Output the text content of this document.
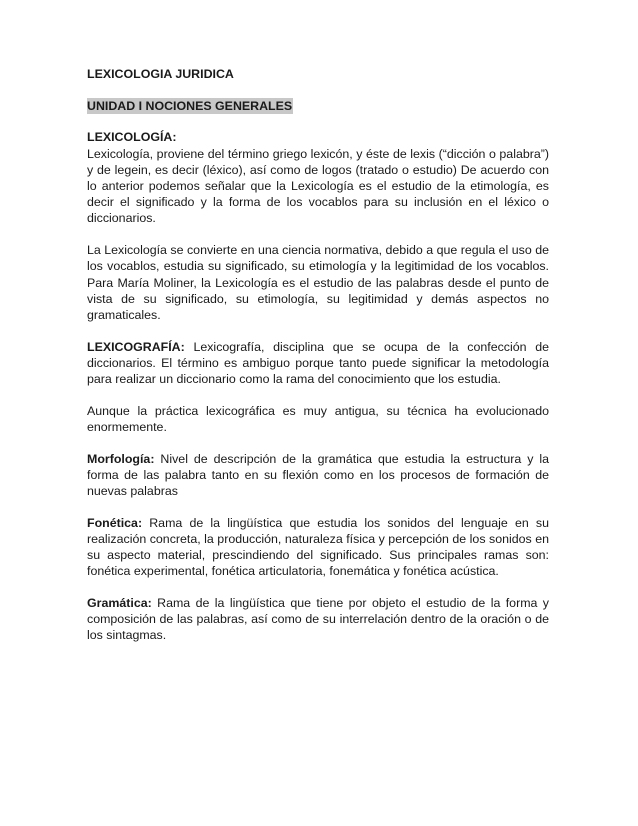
LEXICOLOGIA JURIDICA
UNIDAD I NOCIONES GENERALES
LEXICOLOGÍA:

Lexicología, proviene del término griego lexicón, y éste de lexis (“dicción o palabra”) y de legein, es decir (léxico), así como de logos (tratado o estudio) De acuerdo con lo anterior podemos señalar que la Lexicología es el estudio de la etimología, es decir el significado y la forma de los vocablos para su inclusión en el léxico o diccionarios.

La Lexicología se convierte en una ciencia normativa, debido a que regula el uso de los vocablos, estudia su significado, su etimología y la legitimidad de los vocablos. Para María Moliner, la Lexicología es el estudio de las palabras desde el punto de vista de su significado, su etimología, su legitimidad y demás aspectos no gramaticales.

LEXICOGRAFÍA: Lexicografía, disciplina que se ocupa de la confección de diccionarios. El término es ambiguo porque tanto puede significar la metodología para realizar un diccionario como la rama del conocimiento que los estudia.

Aunque la práctica lexicográfica es muy antigua, su técnica ha evolucionado enormemente.

Morfología: Nivel de descripción de la gramática que estudia la estructura y la forma de las palabra tanto en su flexión como en los procesos de formación de nuevas palabras

Fonética: Rama de la lingüística que estudia los sonidos del lenguaje en su realización concreta, la producción, naturaleza física y percepción de los sonidos en su aspecto material, prescindiendo del significado. Sus principales ramas son: fonética experimental, fonética articulatoria, fonemática y fonética acústica.

Gramática: Rama de la lingüística que tiene por objeto el estudio de la forma y composición de las palabras, así como de su interrelación dentro de la oración o de los sintagmas.
